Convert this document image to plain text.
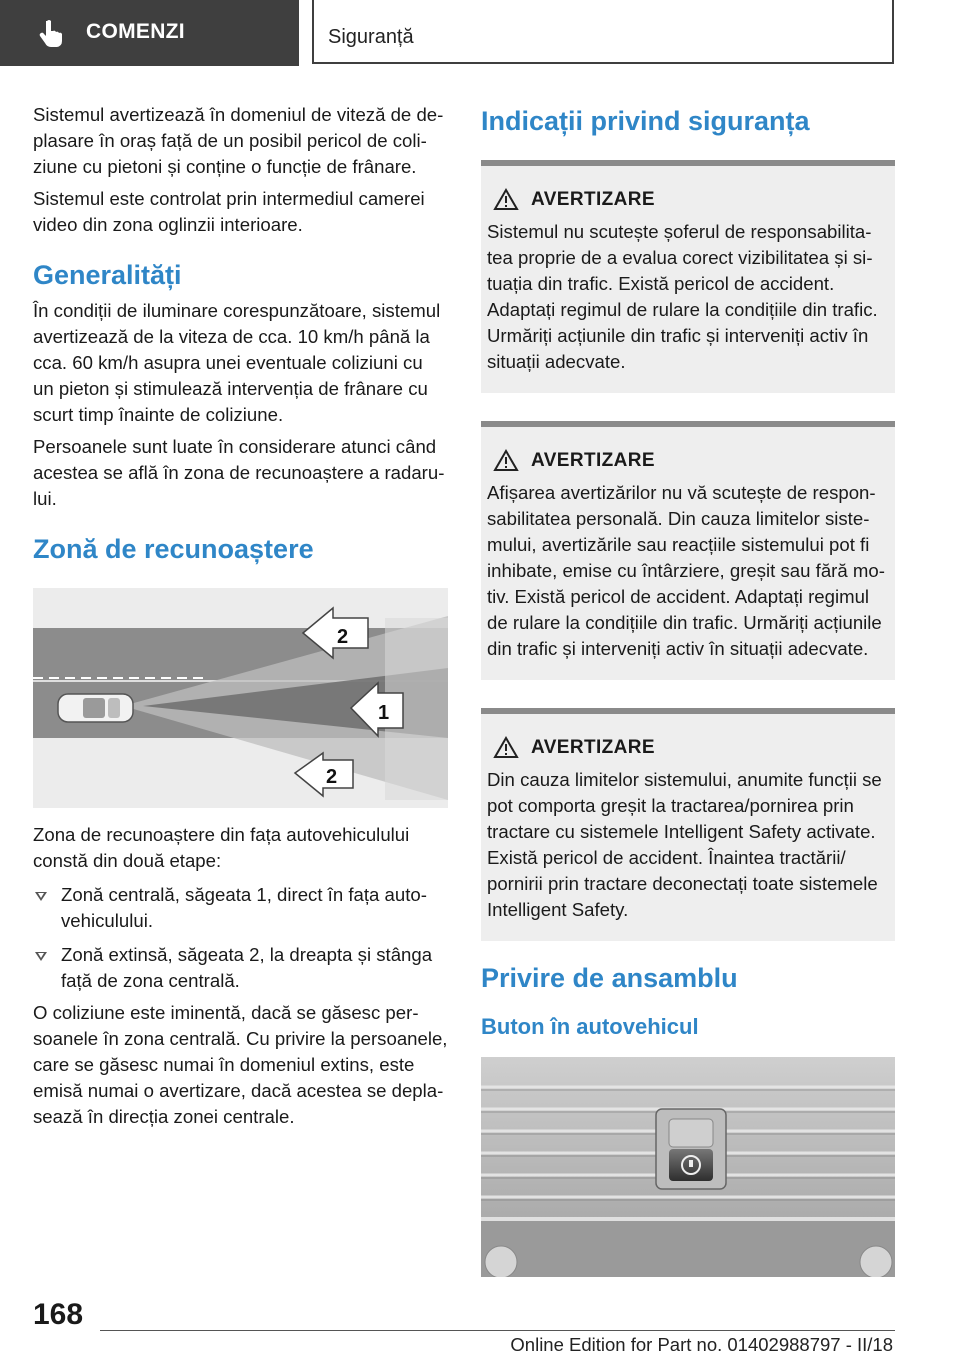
COMENZI	Siguranță

Sistemul avertizează în domeniul de viteză de deplasare în oraș față de un posibil pericol de coliziune cu pietoni și conține o funcție de frânare.

Sistemul este controlat prin intermediul camerei video din zona oglinzii interioare.

Generalități

În condiții de iluminare corespunzătoare, sistemul avertizează de la viteza de cca. 10 km/h până la cca. 60 km/h asupra unei eventuale coliziuni cu un pieton și stimulează intervenția de frânare cu scurt timp înainte de coliziune.

Persoanele sunt luate în considerare atunci când acestea se află în zona de recunoaștere a radarului.

Zonă de recunoaștere
2
1
2

Zona de recunoaștere din fața autovehiculului constă din două etape:

Zonă centrală, săgeata 1, direct în fața autovehiculului.

Zonă extinsă, săgeata 2, la dreapta și stânga față de zona centrală.

O coliziune este iminentă, dacă se găsesc persoanele în zona centrală. Cu privire la persoanele, care se găsesc numai în domeniul extins, este emisă numai o avertizare, dacă acestea se deplasează în direcția zonei centrale.

Indicații privind siguranța
AVERTIZARE

Sistemul nu scutește șoferul de responsabilitatea proprie de a evalua corect vizibilitatea și situația din trafic. Există pericol de accident. Adaptați regimul de rulare la condițiile din trafic. Urmăriți acțiunile din trafic și interveniți activ în situații adecvate.

AVERTIZARE

Afișarea avertizărilor nu vă scutește de responsabilitatea personală. Din cauza limitelor sistemului, avertizările sau reacțiile sistemului pot fi inhibate, emise cu întârziere, greșit sau fără motiv. Există pericol de accident. Adaptați regimul de rulare la condițiile din trafic. Urmăriți acțiunile din trafic și interveniți activ în situații adecvate.

AVERTIZARE

Din cauza limitelor sistemului, anumite funcții se pot comporta greșit la tractarea/pornirea prin tractare cu sistemele Intelligent Safety activate. Există pericol de accident. Înaintea tractării/ pornirii prin tractare deconectați toate sistemele Intelligent Safety.

Privire de ansamblu
Buton în autovehicul
168
Online Edition for Part no. 01402988797 - II/18
